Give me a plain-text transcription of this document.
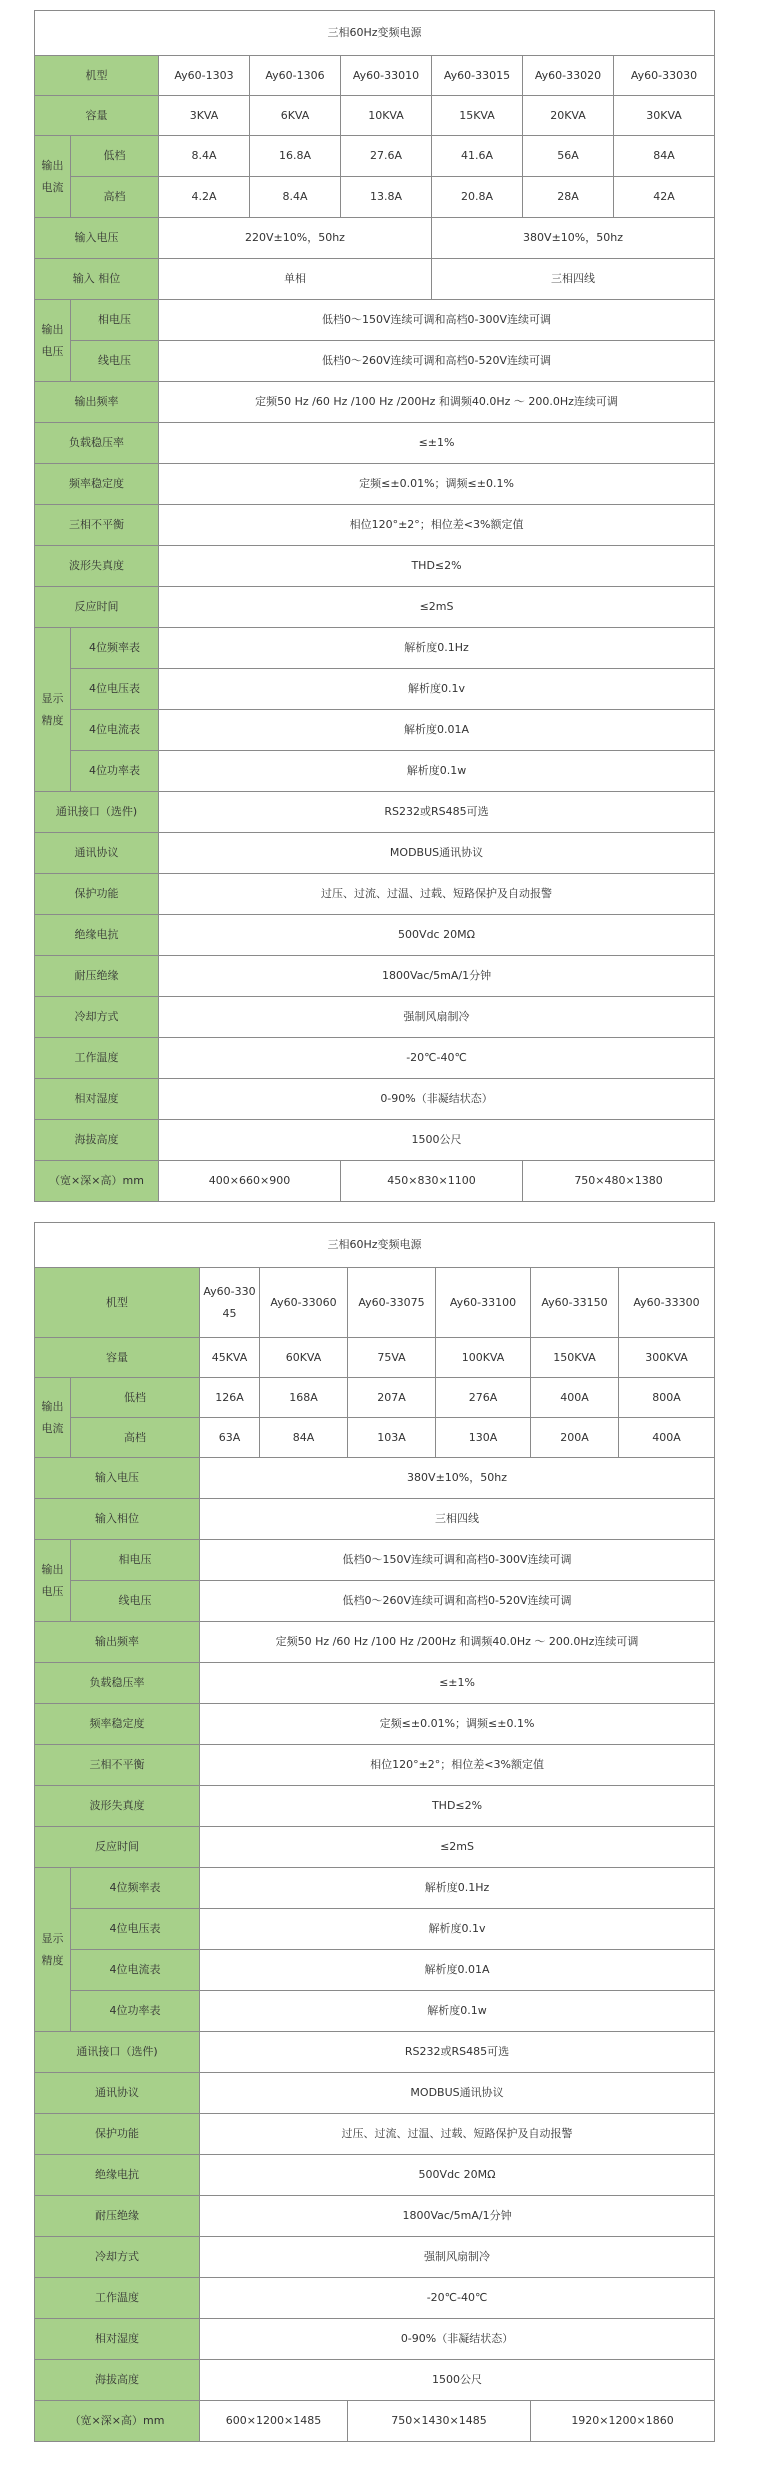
三相60Hz变频电源							
机型		Ay60-1303	Ay60-1306	Ay60-33010	Ay60-33015	Ay60-33020	Ay60-33030
容量		3KVA	6KVA	10KVA	15KVA	20KVA	30KVA
输出电流	低档	8.4A	16.8A	27.6A	41.6A	56A	84A
	高档	4.2A	8.4A	13.8A	20.8A	28A	42A
输入电压		220V±10%，50hz			380V±10%，50hz		
输入 相位		单相			三相四线		
输出电压	相电压	低档0～150V连续可调和高档0-300V连续可调					
	线电压	低档0～260V连续可调和高档0-520V连续可调					
输出频率		定频50 Hz /60 Hz /100 Hz /200Hz 和调频40.0Hz ～ 200.0Hz连续可调					
负载稳压率		≤±1%					
频率稳定度		定频≤±0.01%；调频≤±0.1%					
三相不平衡		相位120°±2°；相位差<3%额定值					
波形失真度		THD≤2%					
反应时间		≤2mS					
显示精度	4位频率表	解析度0.1Hz					
	4位电压表	解析度0.1v					
	4位电流表	解析度0.01A					
	4位功率表	解析度0.1w					
通讯接口（选件)		RS232或RS485可选					
通讯协议		MODBUS通讯协议					
保护功能		过压、过流、过温、过载、短路保护及自动报警					
绝缘电抗		500Vdc 20MΩ					
耐压绝缘		1800Vac/5mA/1分钟					
冷却方式		强制风扇制冷					
工作温度		-20℃-40℃					
相对湿度		0-90%（非凝结状态）					
海拔高度		1500公尺					
（宽×深×高）mm		400×660×900		450×830×1100		750×480×1380	
三相60Hz变频电源							
机型		Ay60-33045	Ay60-33060	Ay60-33075	Ay60-33100	Ay60-33150	Ay60-33300
容量		45KVA	60KVA	75VA	100KVA	150KVA	300KVA
输出电流	低档	126A	168A	207A	276A	400A	800A
	高档	63A	84A	103A	130A	200A	400A
输入电压		380V±10%，50hz					
输入相位		三相四线					
输出电压	相电压	低档0～150V连续可调和高档0-300V连续可调					
	线电压	低档0～260V连续可调和高档0-520V连续可调					
输出频率		定频50 Hz /60 Hz /100 Hz /200Hz 和调频40.0Hz ～ 200.0Hz连续可调					
负载稳压率		≤±1%					
频率稳定度		定频≤±0.01%；调频≤±0.1%					
三相不平衡		相位120°±2°；相位差<3%额定值					
波形失真度		THD≤2%					
反应时间		≤2mS					
显示精度	4位频率表	解析度0.1Hz					
	4位电压表	解析度0.1v					
	4位电流表	解析度0.01A					
	4位功率表	解析度0.1w					
通讯接口（选件)		RS232或RS485可选					
通讯协议		MODBUS通讯协议					
保护功能		过压、过流、过温、过载、短路保护及自动报警					
绝缘电抗		500Vdc 20MΩ					
耐压绝缘		1800Vac/5mA/1分钟					
冷却方式		强制风扇制冷					
工作温度		-20℃-40℃					
相对湿度		0-90%（非凝结状态）					
海拔高度		1500公尺					
（宽×深×高）mm		600×1200×1485		750×1430×1485		1920×1200×1860	
